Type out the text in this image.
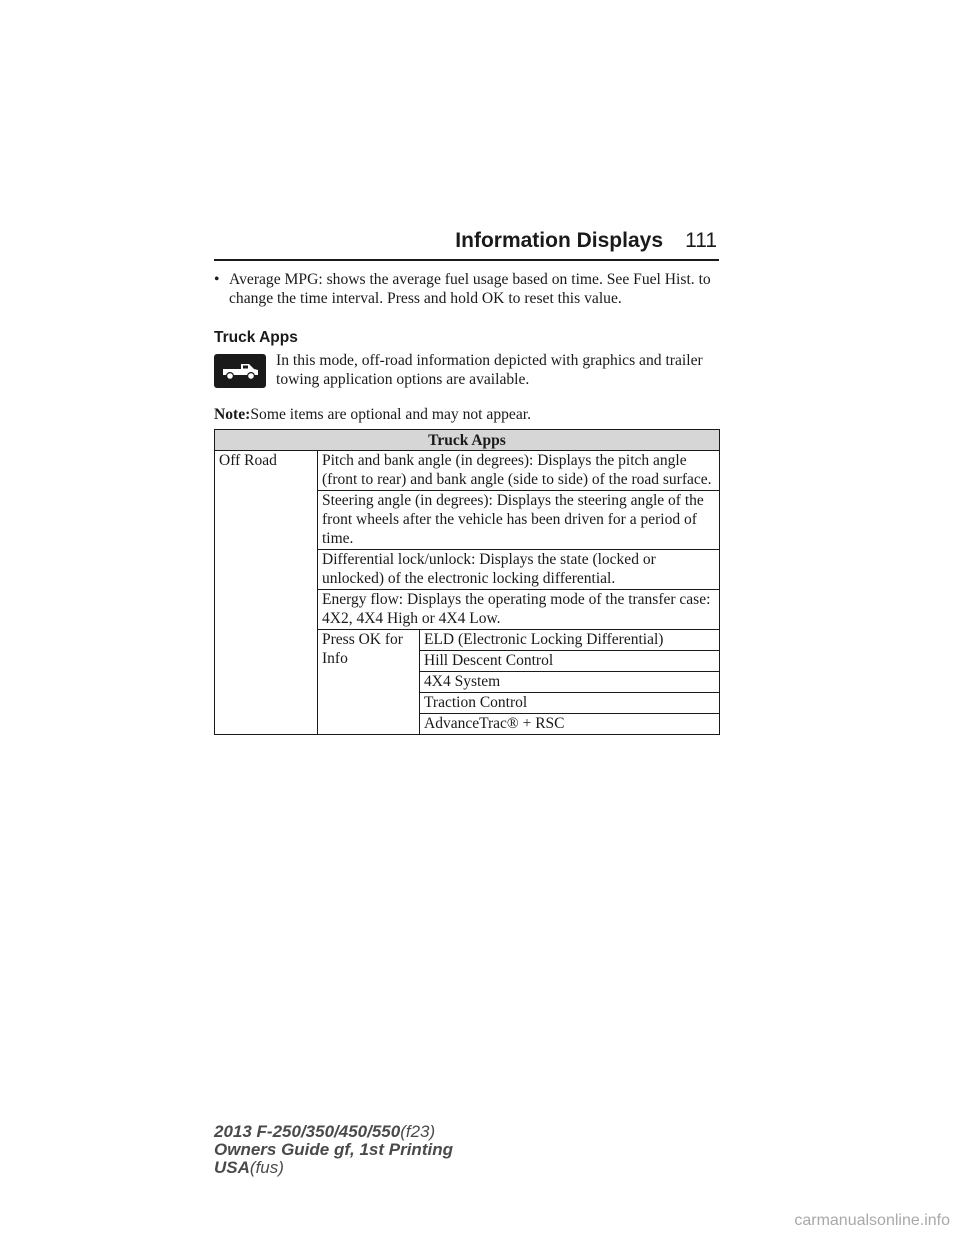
Information Displays 111
• Average MPG: shows the average fuel usage based on time. See Fuel Hist. to change the time interval. Press and hold OK to reset this value.
Truck Apps
In this mode, off-road information depicted with graphics and trailer towing application options are available.
Note:Some items are optional and may not appear.
Truck Apps		
Off Road	Pitch and bank angle (in degrees): Displays the pitch angle (front to rear) and bank angle (side to side) of the road surface.	
	Steering angle (in degrees): Displays the steering angle of the front wheels after the vehicle has been driven for a period of time.	
	Differential lock/unlock: Displays the state (locked or unlocked) of the electronic locking differential.	
	Energy flow: Displays the operating mode of the transfer case: 4X2, 4X4 High or 4X4 Low.	
	Press OK for Info	ELD (Electronic Locking Differential)
		Hill Descent Control
		4X4 System
		Traction Control
		AdvanceTrac® + RSC
2013 F-250/350/450/550(f23)
Owners Guide gf, 1st Printing
USA(fus)
carmanualsonline.info
